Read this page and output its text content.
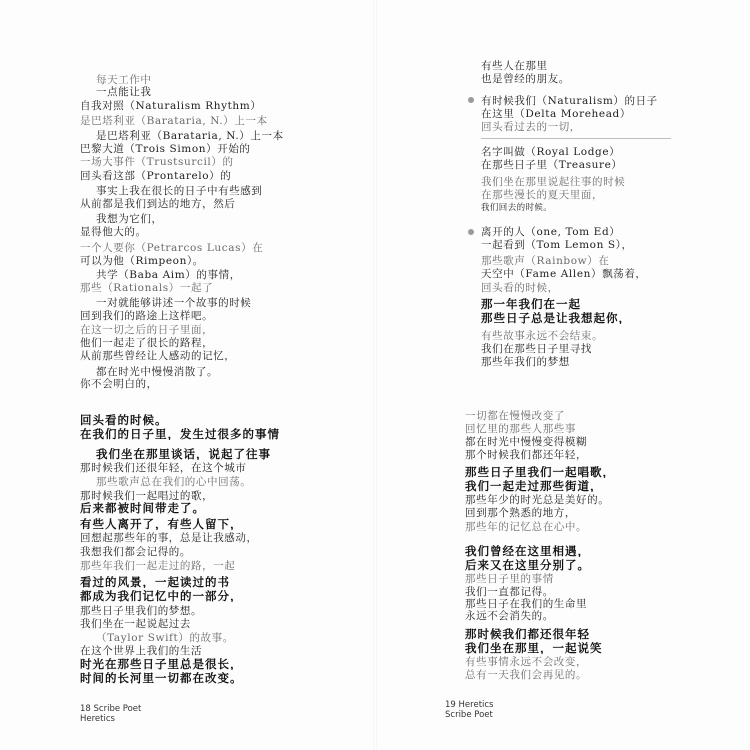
每天工作中
一点能让我
自我对照（Naturalism Rhythm）
是巴塔利亚（Barataria, N.）上一本
是巴塔利亚（Barataria, N.）上一本
巴黎大道（Trois Simon）开始的
一场大事件（Trustsurcil）的
回头看这部（Prontarelo）的
事实上我在很长的日子中有些感到
从前都是我们到达的地方，然后
我想为它们，
显得他大的。
一个人要你（Petrarcos Lucas）在
可以为他（Rimpeon）。
共学（Baba Aim）的事情，
那些（Rationals）一起了
一对就能够讲述一个故事的时候
回到我们的路途上这样吧。
在这一切之后的日子里面，
他们一起走了很长的路程，
从前那些曾经让人感动的记忆，
都在时光中慢慢消散了。
你不会明白的，
回头看的时候。
在我们的日子里，发生过很多的事情
我们坐在那里谈话，说起了往事
那时候我们还很年轻，在这个城市
那些歌声总在我们的心中回荡。
那时候我们一起唱过的歌，
后来都被时间带走了。
有些人离开了，有些人留下，
回想起那些年的事，总是让我感动，
我想我们都会记得的。
那些年我们一起走过的路，一起
看过的风景，一起读过的书
都成为我们记忆中的一部分，
那些日子里我们的梦想。
我们坐在一起说起过去
（Taylor Swift）的故事。
在这个世界上我们的生活
时光在那些日子里总是很长，
时间的长河里一切都在改变。
18 Scribe Poet
Heretics
有些人在那里
也是曾经的朋友。
有时候我们（Naturalism）的日子
在这里（Delta Morehead）
回头看过去的一切，
名字叫做（Royal Lodge）
在那些日子里（Treasure）
我们坐在那里说起往事的时候
在那些漫长的夏天里面，
我们回去的时候。
离开的人（one, Tom Ed）
一起看到（Tom Lemon S），
那些歌声（Rainbow）在
天空中（Fame Allen）飘荡着，
回头看的时候，
那一年我们在一起
那些日子总是让我想起你，
有些故事永远不会结束。
我们在那些日子里寻找
那些年我们的梦想
一切都在慢慢改变了
回忆里的那些人那些事
都在时光中慢慢变得模糊
那个时候我们都还年轻，
那些日子里我们一起唱歌，
我们一起走过那些街道，
那些年少的时光总是美好的。
回到那个熟悉的地方，
那些年的记忆总在心中。
我们曾经在这里相遇，
后来又在这里分别了。
那些日子里的事情
我们一直都记得。
那些日子在我们的生命里
永远不会消失的。
那时候我们都还很年轻
我们坐在那里，一起说笑
有些事情永远不会改变，
总有一天我们会再见的。
19 Heretics
Scribe Poet
